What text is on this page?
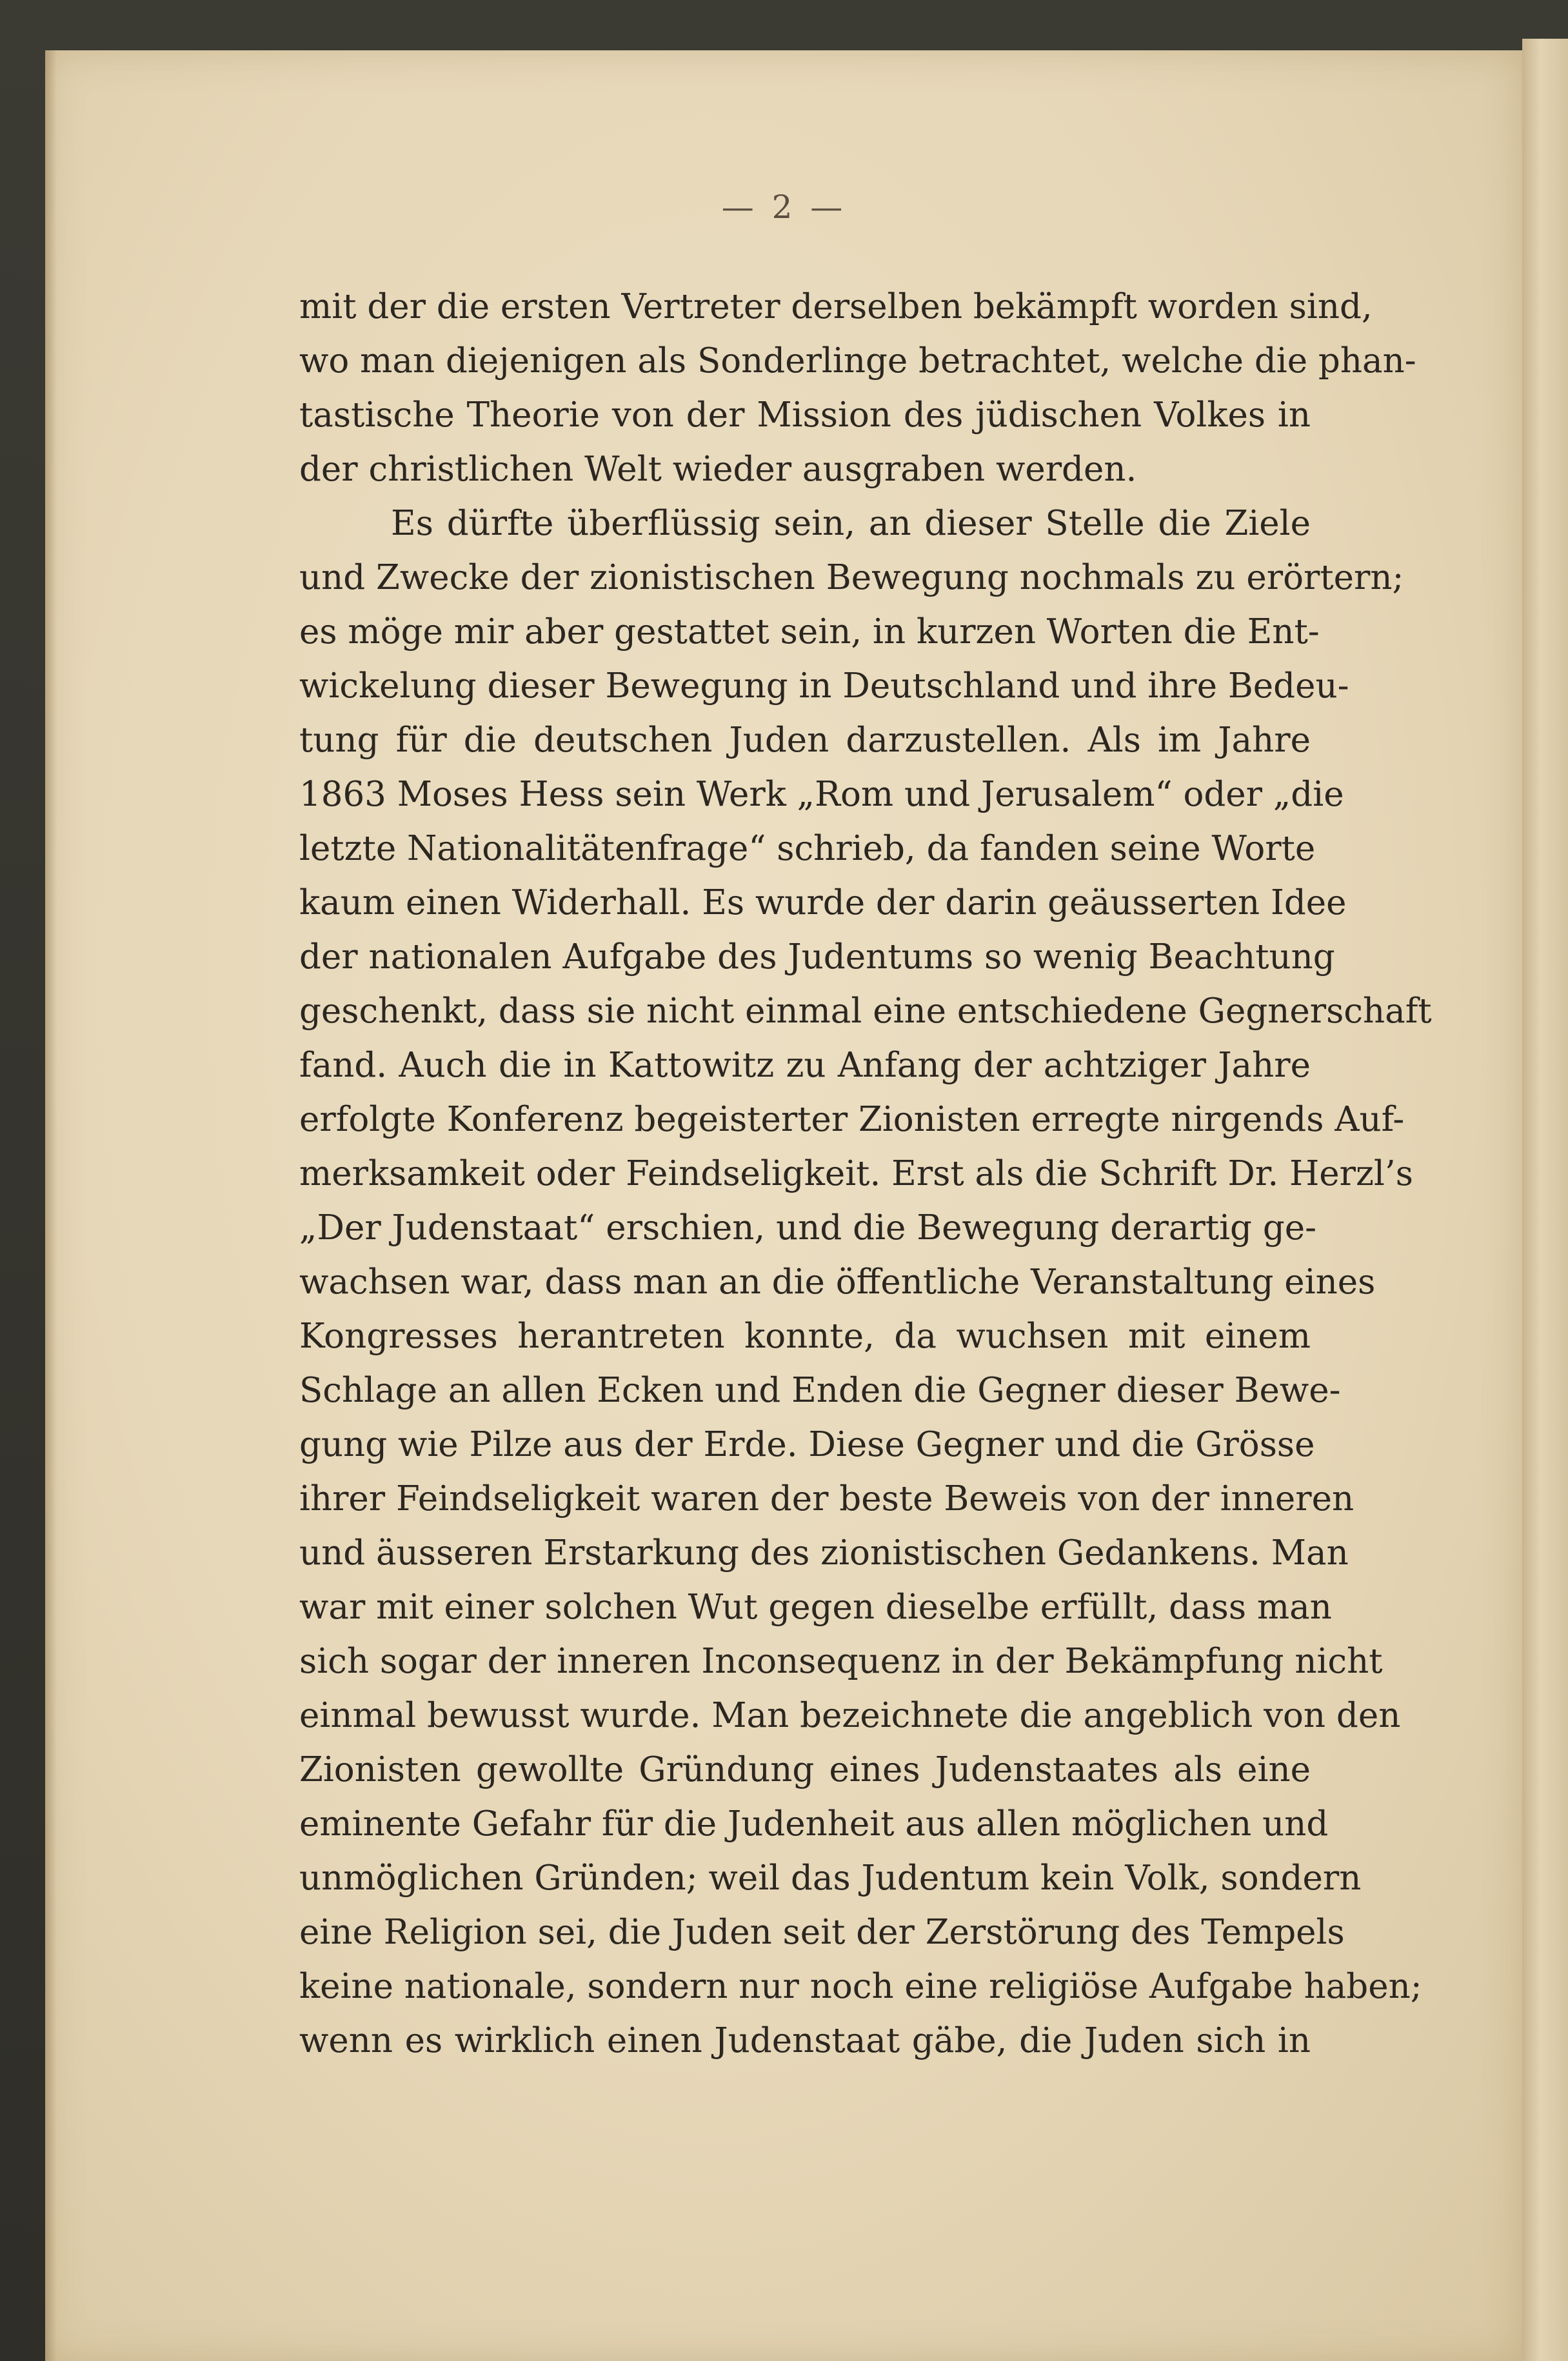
— 2 —
mit der die ersten Vertreter derselben bekämpft worden sind,
wo man diejenigen als Sonderlinge betrachtet, welche die phan-
tastische Theorie von der Mission des jüdischen Volkes in
der christlichen Welt wieder ausgraben werden.
Es dürfte überflüssig sein, an dieser Stelle die Ziele
und Zwecke der zionistischen Bewegung nochmals zu erörtern;
es möge mir aber gestattet sein, in kurzen Worten die Ent-
wickelung dieser Bewegung in Deutschland und ihre Bedeu-
tung für die deutschen Juden darzustellen. Als im Jahre
1863 Moses Hess sein Werk „Rom und Jerusalem“ oder „die
letzte Nationalitätenfrage“ schrieb, da fanden seine Worte
kaum einen Widerhall. Es wurde der darin geäusserten Idee
der nationalen Aufgabe des Judentums so wenig Beachtung
geschenkt, dass sie nicht einmal eine entschiedene Gegnerschaft
fand. Auch die in Kattowitz zu Anfang der achtziger Jahre
erfolgte Konferenz begeisterter Zionisten erregte nirgends Auf-
merksamkeit oder Feindseligkeit. Erst als die Schrift Dr. Herzl’s
„Der Judenstaat“ erschien, und die Bewegung derartig ge-
wachsen war, dass man an die öffentliche Veranstaltung eines
Kongresses herantreten konnte, da wuchsen mit einem
Schlage an allen Ecken und Enden die Gegner dieser Bewe-
gung wie Pilze aus der Erde. Diese Gegner und die Grösse
ihrer Feindseligkeit waren der beste Beweis von der inneren
und äusseren Erstarkung des zionistischen Gedankens. Man
war mit einer solchen Wut gegen dieselbe erfüllt, dass man
sich sogar der inneren Inconsequenz in der Bekämpfung nicht
einmal bewusst wurde. Man bezeichnete die angeblich von den
Zionisten gewollte Gründung eines Judenstaates als eine
eminente Gefahr für die Judenheit aus allen möglichen und
unmöglichen Gründen; weil das Judentum kein Volk, sondern
eine Religion sei, die Juden seit der Zerstörung des Tempels
keine nationale, sondern nur noch eine religiöse Aufgabe haben;
wenn es wirklich einen Judenstaat gäbe, die Juden sich in
